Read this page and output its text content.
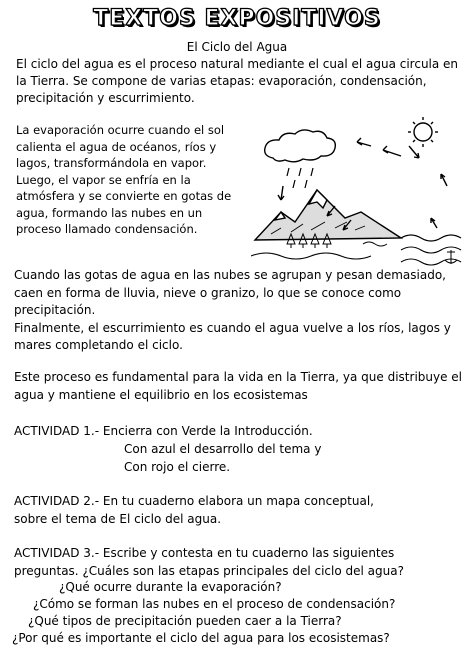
TEXTOS EXPOSITIVOS
El Ciclo del Agua
El ciclo del agua es el proceso natural mediante el cual el agua circula en la Tierra. Se compone de varias etapas: evaporación, condensación, precipitación y escurrimiento.
La evaporación ocurre cuando el sol calienta el agua de océanos, ríos y lagos, transformándola en vapor.
Luego, el vapor se enfría en la atmósfera y se convierte en gotas de agua, formando las nubes en un proceso llamado condensación.
Cuando las gotas de agua en las nubes se agrupan y pesan demasiado, caen en forma de lluvia, nieve o granizo, lo que se conoce como precipitación.
Finalmente, el escurrimiento es cuando el agua vuelve a los ríos, lagos y mares completando el ciclo.
Este proceso es fundamental para la vida en la Tierra, ya que distribuye el agua y mantiene el equilibrio en los ecosistemas
ACTIVIDAD 1.- Encierra con Verde la Introducción.
Con azul el desarrollo del tema y
Con rojo el cierre.
ACTIVIDAD 2.- En tu cuaderno elabora un mapa conceptual,
sobre el tema de El ciclo del agua.
ACTIVIDAD 3.- Escribe y contesta en tu cuaderno las siguientes
preguntas. ¿Cuáles son las etapas principales del ciclo del agua?
¿Qué ocurre durante la evaporación?
¿Cómo se forman las nubes en el proceso de condensación?
¿Qué tipos de precipitación pueden caer a la Tierra?
¿Por qué es importante el ciclo del agua para los ecosistemas?
